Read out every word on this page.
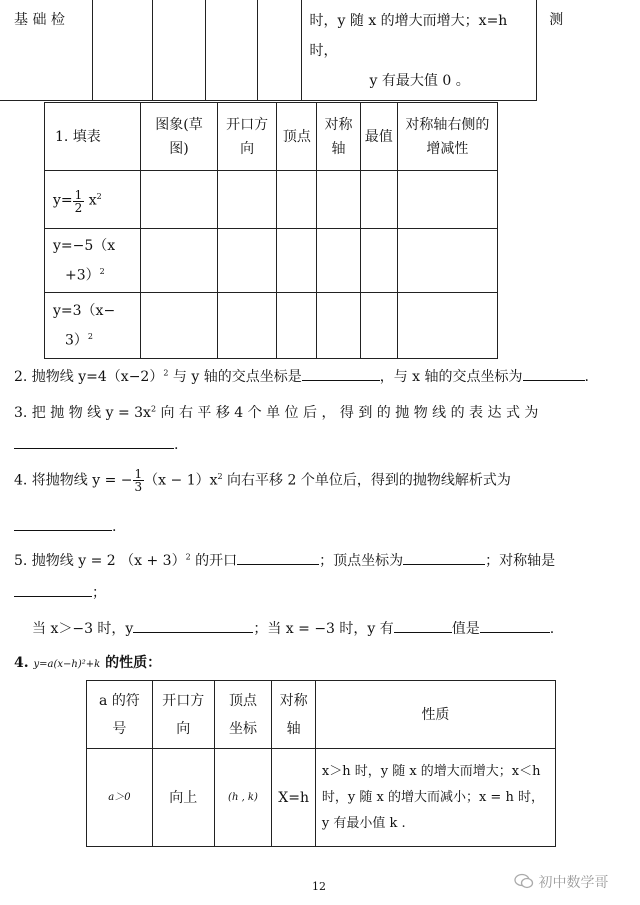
基 础 检					时，y 随 x 的增大而增大；x=h 时，
y 有最大值 0 。
	测
1. 填表	图象(草图)	开口方向	顶点	对称轴	最值	对称轴右侧的增减性
$y= \frac{1}{2} x^2$						

y=−5（x
+3）$^2$

y=3（x−
3）$^2$

2. 抛物线 $y=4(x-2)^2$ 与 y 轴的交点坐标是	，与 x 轴的交点坐标为	.
3. 把 抛 物 线 $y = 3x^2$ 向 右 平 移 4 个 单 位 后 ， 得 到 的 抛 物 线 的 表 达 式 为
.
4. 将抛物线 y = − $\frac{1}{3} (x - 1)x^2$ 向右平移 2 个单位后，得到的抛物线解析式为
.
5. 抛物线 y = 2 $(x + 3)^2$ 的开口	；顶点坐标为	；对称轴是
；
当 x＞−3 时，y	；当 x = −3 时，y 有	值是	.
4. y=a(x−h)²+k 的性质：
a 的符号	开口方向	顶点坐标	对称轴	性质
a＞0	向上	(h , k)	X=h	x＞h 时，y 随 x 的增大而增大；x＜h
时，y 随 x 的增大而减小；x = h 时，
y 有最小值 k .
12	初中数学哥
